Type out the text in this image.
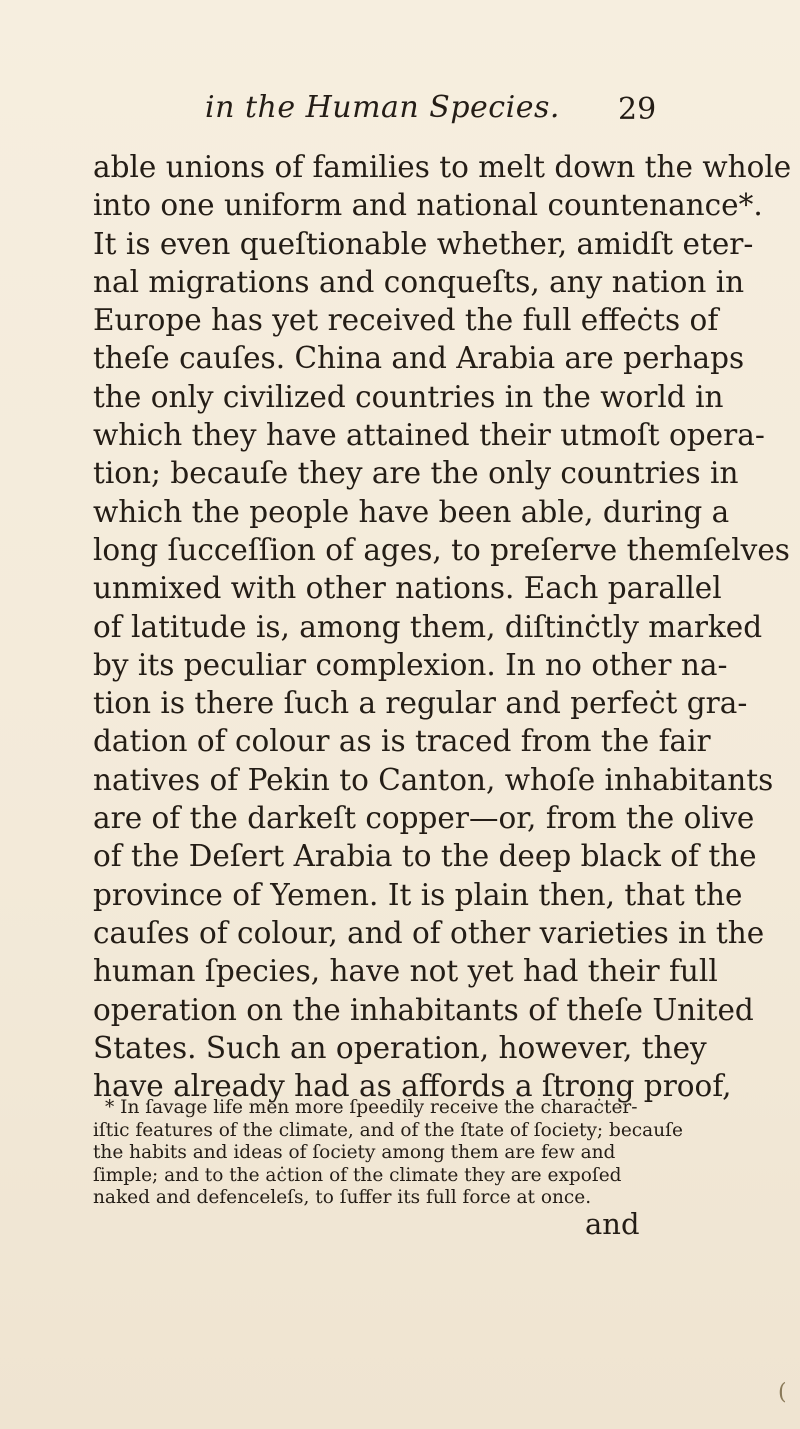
in the Human Species.	29
able unions of families to melt down the whole
into one uniform and national countenance*.
It is even queſtionable whether, amidſt eter-
nal migrations and conqueſts, any nation in
Europe has yet received the full effeċts of
theſe cauſes. China and Arabia are perhaps
the only civilized countries in the world in
which they have attained their utmoſt opera-
tion; becauſe they are the only countries in
which the people have been able, during a
long ſucceſſion of ages, to preſerve themſelves
unmixed with other nations. Each parallel
of latitude is, among them, diſtinċtly marked
by its peculiar complexion. In no other na-
tion is there ſuch a regular and perfeċt gra-
dation of colour as is traced from the fair
natives of Pekin to Canton, whoſe inhabitants
are of the darkeſt copper—or, from the olive
of the Deſert Arabia to the deep black of the
province of Yemen. It is plain then, that the
cauſes of colour, and of other varieties in the
human ſpecies, have not yet had their full
operation on the inhabitants of theſe United
States. Such an operation, however, they
have already had as affords a ſtrong proof,
* In ſavage life men more ſpeedily receive the charaċter-
iſtic features of the climate, and of the ſtate of ſociety; becauſe
the habits and ideas of ſociety among them are few and
ſimple; and to the aċtion of the climate they are expoſed
naked and defenceleſs, to ſuffer its full force at once.
and
(
